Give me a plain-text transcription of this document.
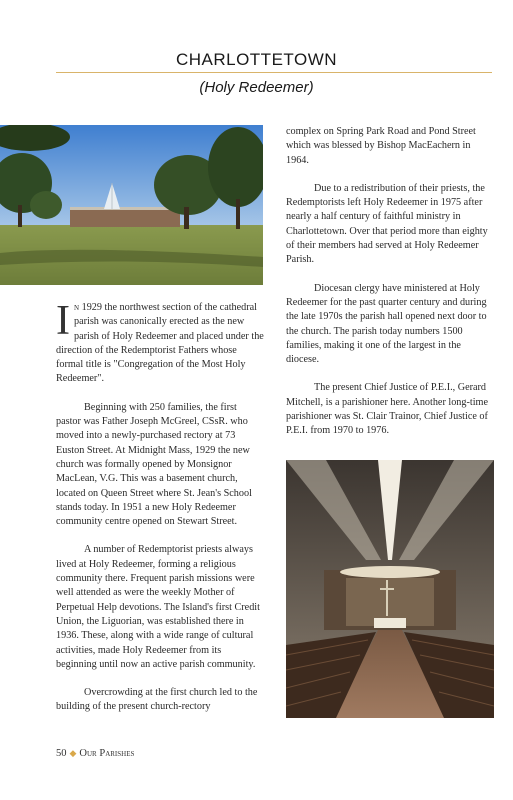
CHARLOTTETOWN
(Holy Redeemer)

In 1929 the northwest section of the cathedral parish was canonically erected as the new parish of Holy Redeemer and placed under the direction of the Redemptorist Fathers whose formal title is "Congregation of the Most Holy Redeemer".

Beginning with 250 families, the first pastor was Father Joseph McGreel, CSsR. who moved into a newly-purchased rectory at 73 Euston Street. At Midnight Mass, 1929 the new church was formally opened by Monsignor MacLean, V.G. This was a basement church, located on Queen Street where St. Jean's School stands today. In 1951 a new Holy Redeemer community centre opened on Stewart Street.

A number of Redemptorist priests always lived at Holy Redeemer, forming a religious community there. Frequent parish missions were well attended as were the weekly Mother of Perpetual Help devotions. The Island's first Credit Union, the Liguorian, was established there in 1936. These, along with a wide range of cultural activities, made Holy Redeemer from its beginning until now an active parish community.

Overcrowding at the first church led to the building of the present church-rectory

complex on Spring Park Road and Pond Street which was blessed by Bishop MacEachern in 1964.

Due to a redistribution of their priests, the Redemptorists left Holy Redeemer in 1975 after nearly a half century of faithful ministry in Charlottetown. Over that period more than eighty of their members had served at Holy Redeemer Parish.

Diocesan clergy have ministered at Holy Redeemer for the past quarter century and during the late 1970s the parish hall opened next door to the church. The parish today numbers 1500 families, making it one of the largest in the diocese.

The present Chief Justice of P.E.I., Gerard Mitchell, is a parishioner here. Another long-time parishioner was St. Clair Trainor, Chief Justice of P.E.I. from 1970 to 1976.

50 ◆ Our Parishes
